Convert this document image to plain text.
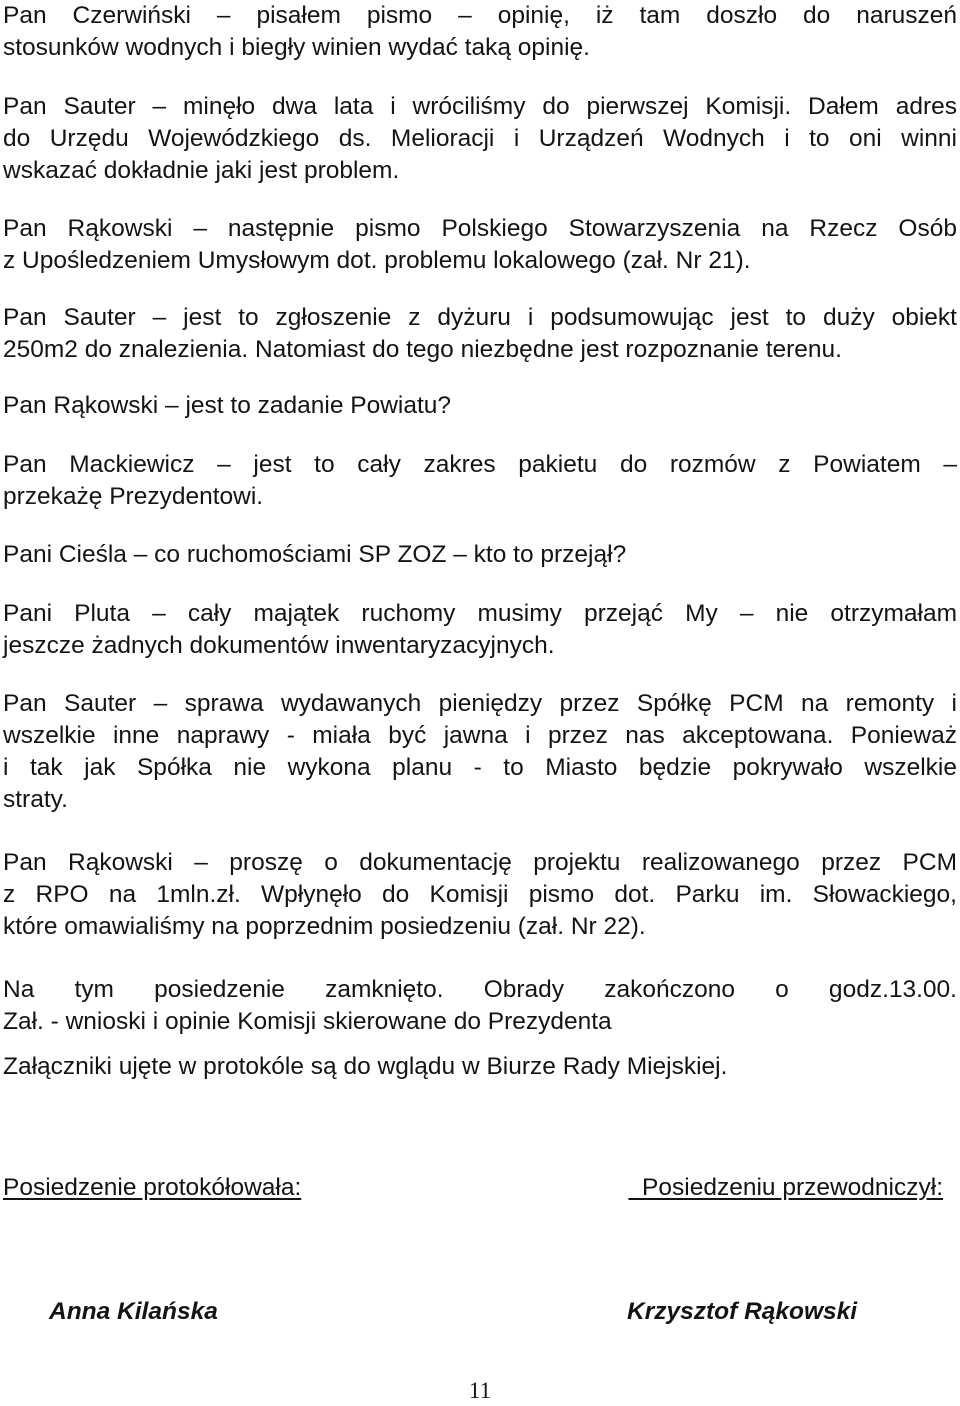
Pan Czerwiński – pisałem pismo – opinię, iż tam doszło do naruszeń
stosunków wodnych i biegły winien wydać taką opinię.

Pan Sauter – minęło dwa lata i wróciliśmy do pierwszej Komisji. Dałem adres
do Urzędu Wojewódzkiego ds. Melioracji i Urządzeń Wodnych i to oni winni
wskazać dokładnie jaki jest problem.

Pan Rąkowski – następnie pismo Polskiego Stowarzyszenia na Rzecz Osób
z Upośledzeniem Umysłowym dot. problemu lokalowego (zał. Nr 21).

Pan Sauter – jest to zgłoszenie z dyżuru i podsumowując jest to duży obiekt
250m2 do znalezienia. Natomiast do tego niezbędne jest rozpoznanie terenu.

Pan Rąkowski – jest to zadanie Powiatu?

Pan Mackiewicz – jest to cały zakres pakietu do rozmów z Powiatem –
przekażę Prezydentowi.

Pani Cieśla – co ruchomościami SP ZOZ – kto to przejął?

Pani Pluta – cały majątek ruchomy musimy przejąć My – nie otrzymałam
jeszcze żadnych dokumentów inwentaryzacyjnych.

Pan Sauter – sprawa wydawanych pieniędzy przez Spółkę PCM na remonty i
wszelkie inne naprawy - miała być jawna i przez nas akceptowana. Ponieważ
i tak jak Spółka nie wykona planu - to Miasto będzie pokrywało wszelkie
straty.

Pan Rąkowski – proszę o dokumentację projektu realizowanego przez PCM
z RPO na 1mln.zł. Wpłynęło do Komisji pismo dot. Parku im. Słowackiego,
które omawialiśmy na poprzednim posiedzeniu (zał. Nr 22).

Na tym posiedzenie zamknięto. Obrady zakończono o godz.13.00.
Zał. - wnioski i opinie Komisji skierowane do Prezydenta

Załączniki ujęte w protokóle są do wglądu w Biurze Rady Miejskiej.

Posiedzenie protokółowała:	Posiedzeniu przewodniczył:
Anna Kilańska	Krzysztof Rąkowski
11
